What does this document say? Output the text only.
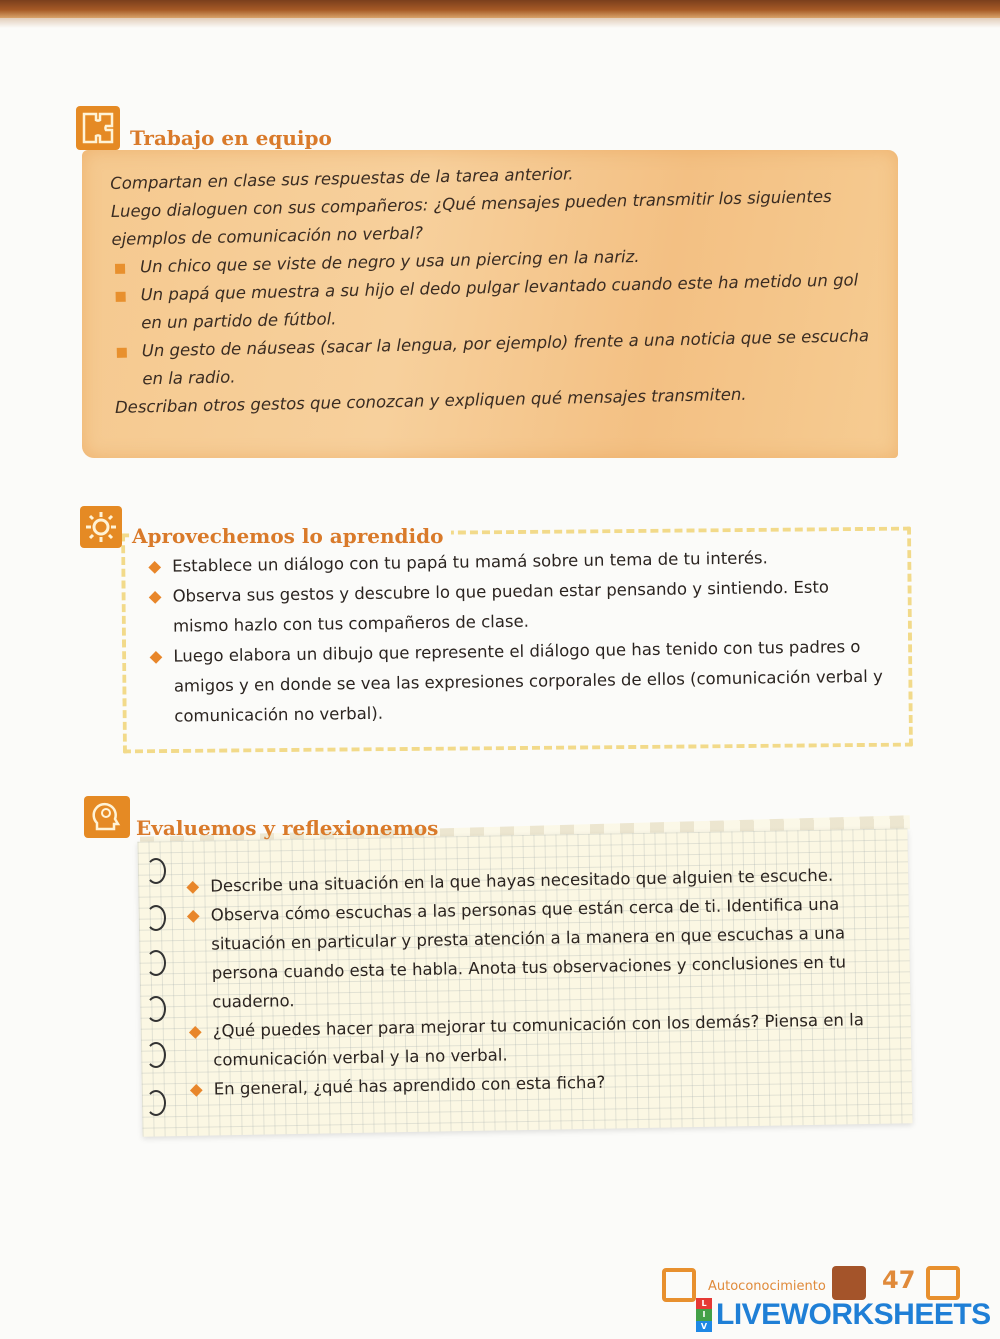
Trabajo en equipo

Compartan en clase sus respuestas de la tarea anterior.

Luego dialoguen con sus compañeros: ¿Qué mensajes pueden transmitir los siguientes ejemplos de comunicación no verbal?

Un chico que se viste de negro y usa un piercing en la nariz.
Un papá que muestra a su hijo el dedo pulgar levantado cuando este ha metido un gol en un partido de fútbol.
Un gesto de náuseas (sacar la lengua, por ejemplo) frente a una noticia que se escucha en la radio.

Describan otros gestos que conozcan y expliquen qué mensajes transmiten.

Aprovechemos lo aprendido
Establece un diálogo con tu papá tu mamá sobre un tema de tu interés.
Observa sus gestos y descubre lo que puedan estar pensando y sintiendo. Esto mismo hazlo con tus compañeros de clase.
Luego elabora un dibujo que represente el diálogo que has tenido con tus padres o amigos y en donde se vea las expresiones corporales de ellos (comunicación verbal y comunicación no verbal).
Evaluemos y reflexionemos
Describe una situación en la que hayas necesitado que alguien te escuche.
Observa cómo escuchas a las personas que están cerca de ti. Identifica una situación en particular y presta atención a la manera en que escuchas a una persona cuando esta te habla. Anota tus observaciones y conclusiones en tu cuaderno.
¿Qué puedes hacer para mejorar tu comunicación con los demás? Piensa en la comunicación verbal y la no verbal.
En general, ¿qué has aprendido con esta ficha?
Autoconocimiento 47
L
I
V LIVEWORKSHEETS
